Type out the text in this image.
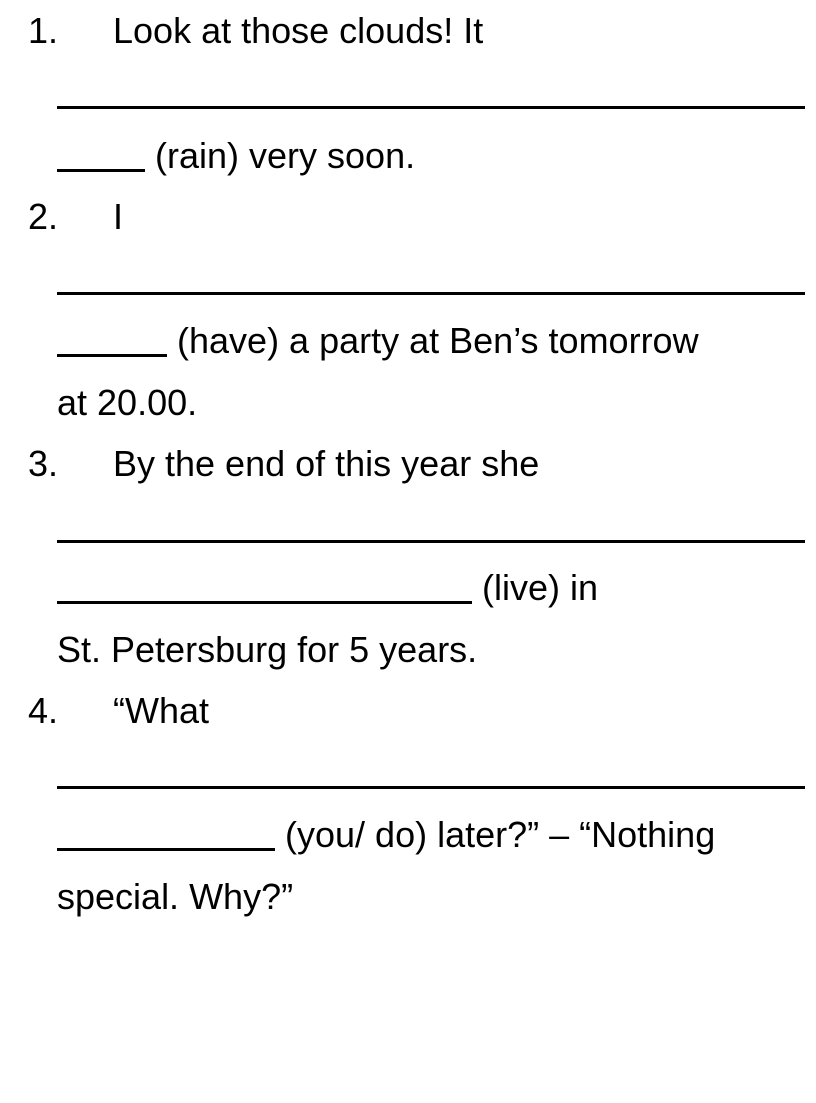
1. Look at those clouds! It
(rain) very soon.
2. I
(have) a party at Ben’s tomorrow
at 20.00.
3. By the end of this year she
(live) in
St. Petersburg for 5 years.
4. “What
(you/ do) later?” – “Nothing
special. Why?”
